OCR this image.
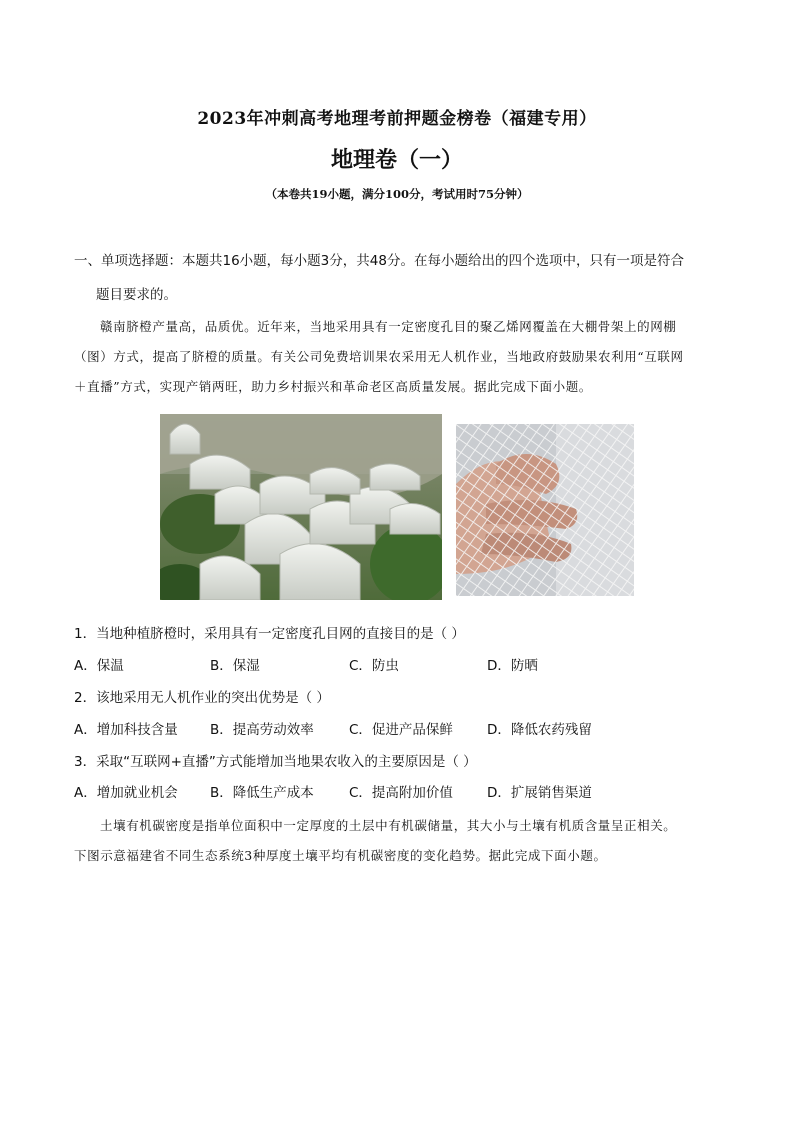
2023年冲刺高考地理考前押题金榜卷（福建专用）
地理卷（一）
（本卷共19小题，满分100分，考试用时75分钟）
一、单项选择题：本题共16小题，每小题3分，共48分。在每小题给出的四个选项中，只有一项是符合
题目要求的。
赣南脐橙产量高，品质优。近年来，当地采用具有一定密度孔目的聚乙烯网覆盖在大棚骨架上的网棚
（图）方式，提高了脐橙的质量。有关公司免费培训果农采用无人机作业，当地政府鼓励果农利用“互联网
＋直播”方式，实现产销两旺，助力乡村振兴和革命老区高质量发展。据此完成下面小题。
1．当地种植脐橙时，采用具有一定密度孔目网的直接目的是（ ）
A．保温	B．保湿	C．防虫	D．防晒
2．该地采用无人机作业的突出优势是（ ）
A．增加科技含量 B．提高劳动效率	C．促进产品保鲜	D．降低农药残留
3．采取“互联网+直播”方式能增加当地果农收入的主要原因是（ ）
A．增加就业机会 B．降低生产成本	C．提高附加价值	D．扩展销售渠道
土壤有机碳密度是指单位面积中一定厚度的土层中有机碳储量，其大小与土壤有机质含量呈正相关。
下图示意福建省不同生态系统3种厚度土壤平均有机碳密度的变化趋势。据此完成下面小题。
